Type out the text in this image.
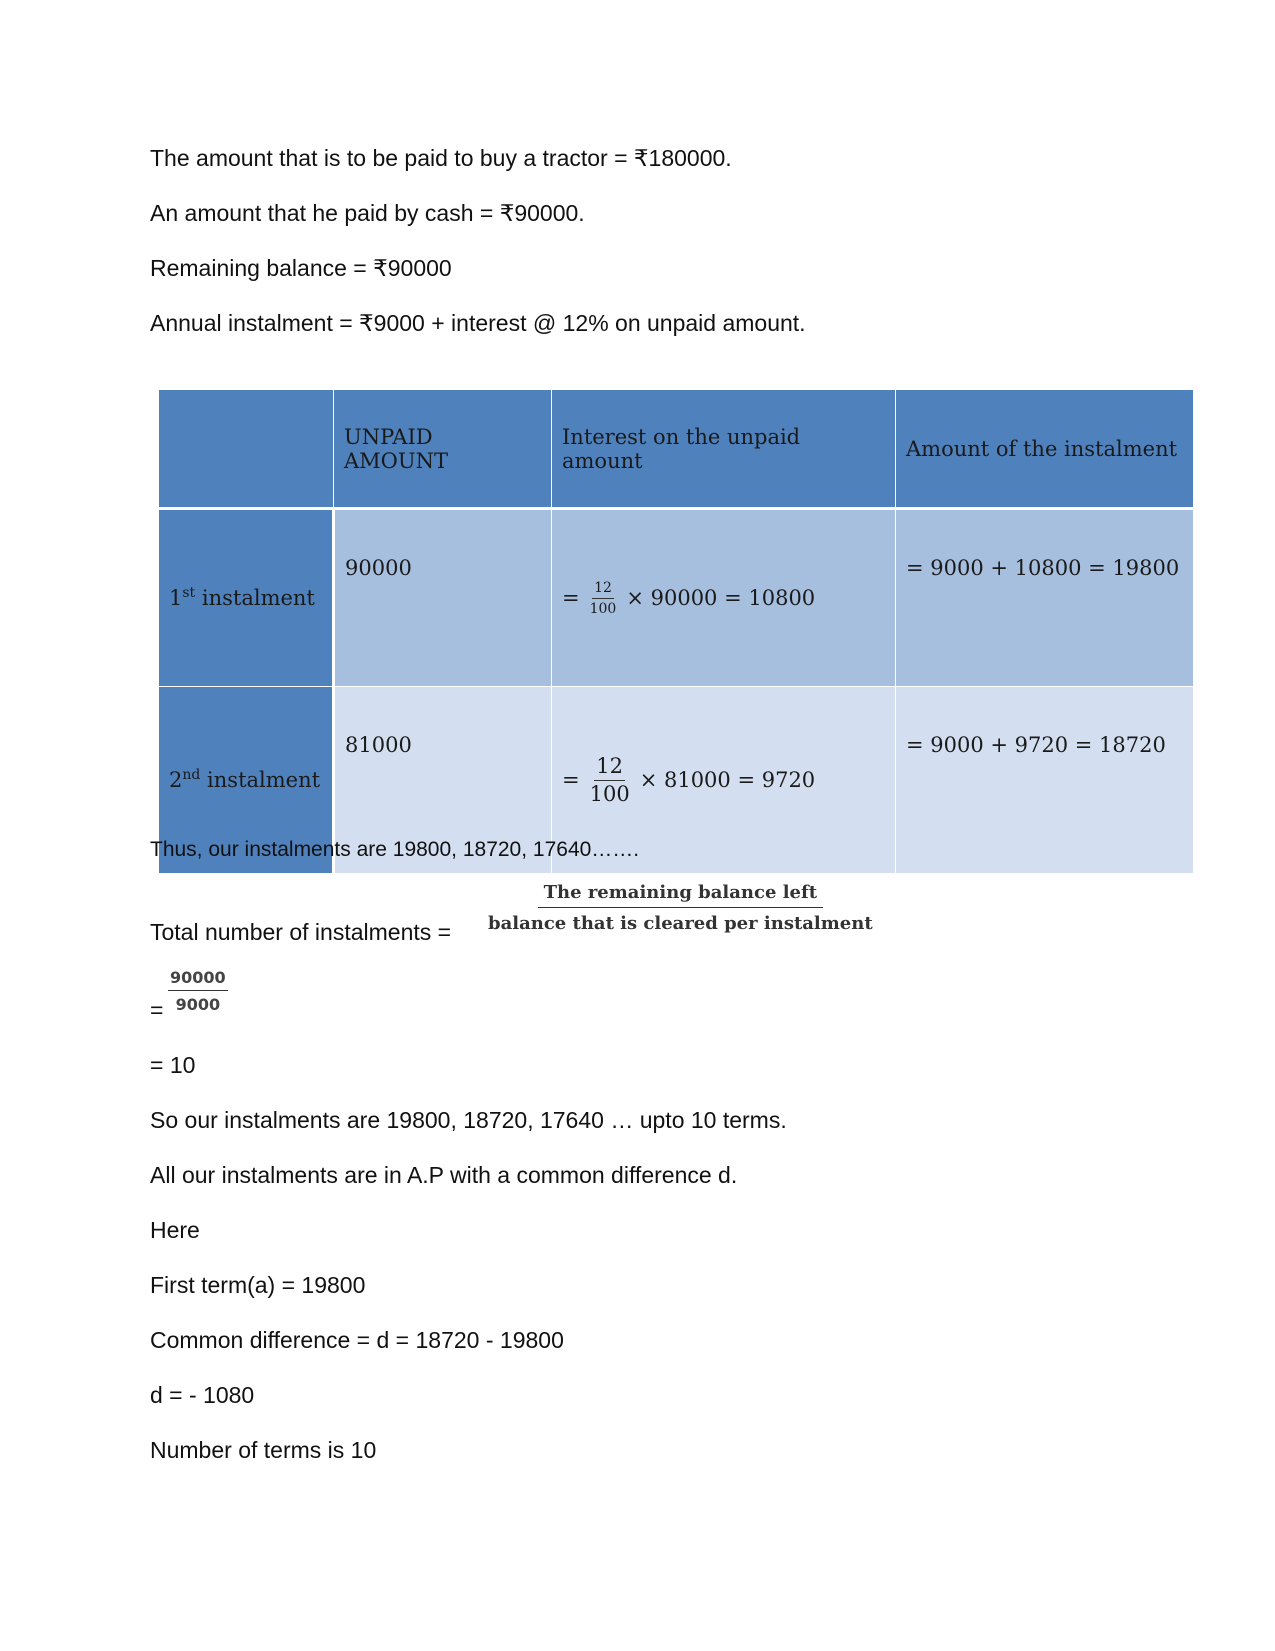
The amount that is to be paid to buy a tractor = ₹180000.
An amount that he paid by cash = ₹90000.
Remaining balance = ₹90000
Annual instalment = ₹9000 + interest @ 12% on unpaid amount.
	UNPAID AMOUNT	Interest on the unpaid amount	Amount of the instalment
1st instalment	90000	= $\frac{12}{100} \times 90000 = 10800$	= 9000 + 10800 = 19800
2nd instalment	81000	= $\frac{12}{100} \times 81000 = 9720$	= 9000 + 9720 = 18720
Thus, our instalments are 19800, 18720, 17640…….
Total number of instalments =
The remaining balance left
balance that is cleared per instalment
= $\frac{90000}{9000}$
= 10
So our instalments are 19800, 18720, 17640 … upto 10 terms.
All our instalments are in A.P with a common difference d.
Here
First term(a) = 19800
Common difference = d = 18720 - 19800
d = - 1080
Number of terms is 10
